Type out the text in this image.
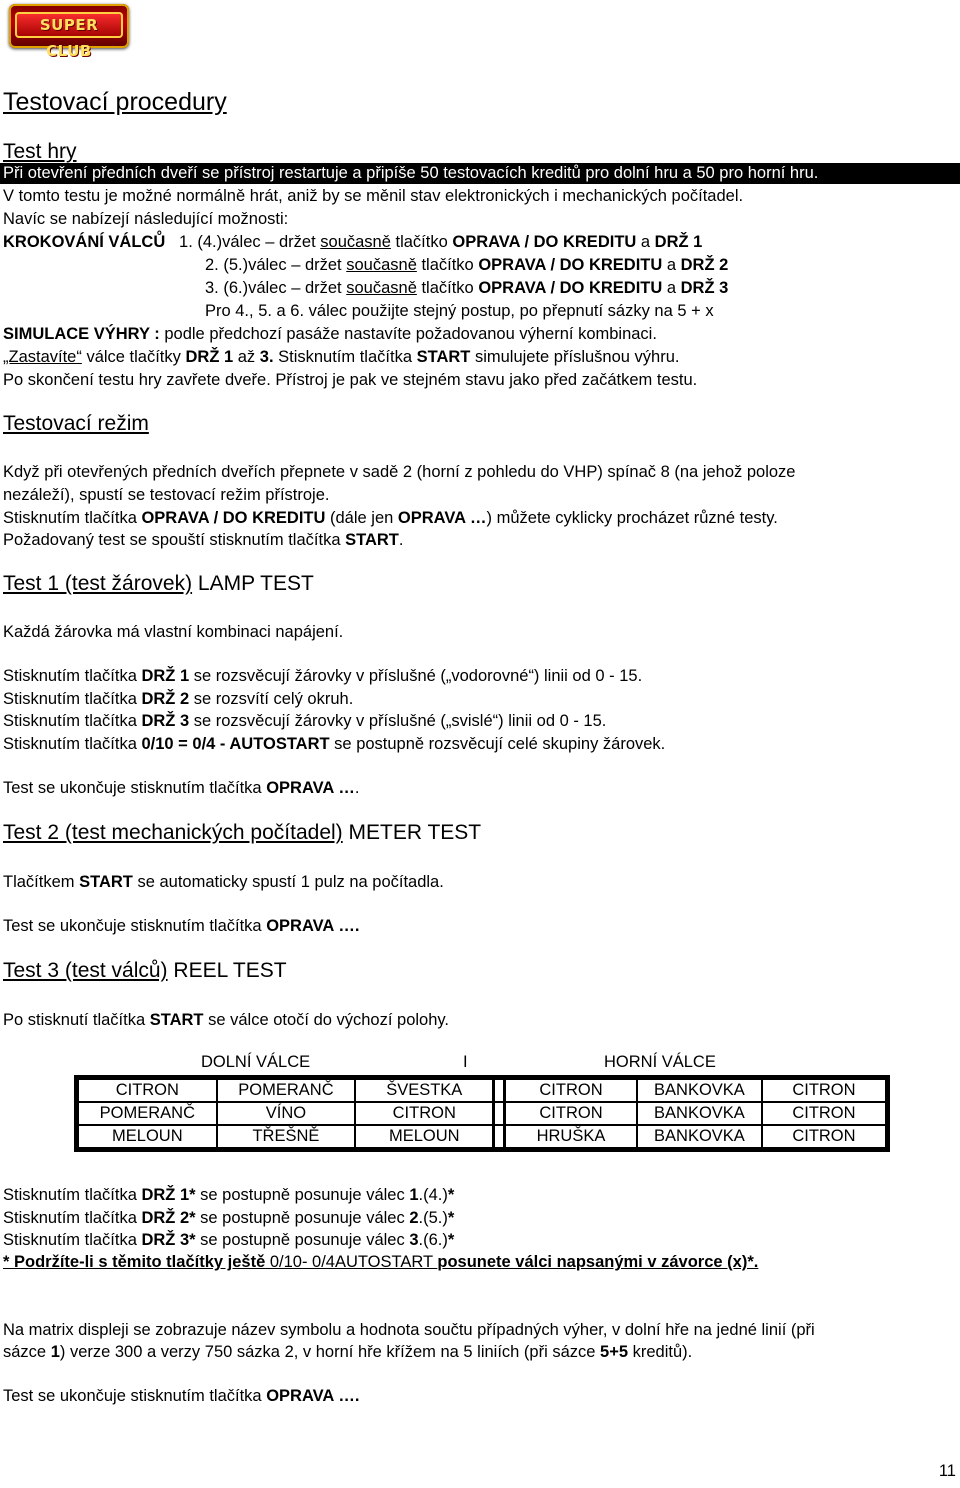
SUPER CLUB
Testovací procedury
Test hry
Při otevření předních dveří se přístroj restartuje a připíše 50 testovacích kreditů pro dolní hru a 50 pro horní hru.
V tomto testu je možné normálně hrát, aniž by se měnil stav elektronických i mechanických počítadel.
Navíc se nabízejí následující možnosti:
KROKOVÁNÍ VÁLCŮ 1. (4.)válec – držet současně tlačítko OPRAVA / DO KREDITU a DRŽ 1
2. (5.)válec – držet současně tlačítko OPRAVA / DO KREDITU a DRŽ 2
3. (6.)válec – držet současně tlačítko OPRAVA / DO KREDITU a DRŽ 3
Pro 4., 5. a 6. válec použijte stejný postup, po přepnutí sázky na 5 + x
SIMULACE VÝHRY : podle předchozí pasáže nastavíte požadovanou výherní kombinaci.
„Zastavíte“ válce tlačítky DRŽ 1 až 3. Stisknutím tlačítka START simulujete příslušnou výhru.
Po skončení testu hry zavřete dveře. Přístroj je pak ve stejném stavu jako před začátkem testu.
Testovací režim
Když při otevřených předních dveřích přepnete v sadě 2 (horní z pohledu do VHP) spínač 8 (na jehož poloze
nezáleží), spustí se testovací režim přístroje.
Stisknutím tlačítka OPRAVA / DO KREDITU (dále jen OPRAVA …) můžete cyklicky procházet různé testy.
Požadovaný test se spouští stisknutím tlačítka START.
Test 1 (test žárovek) LAMP TEST
Každá žárovka má vlastní kombinaci napájení.
Stisknutím tlačítka DRŽ 1 se rozsvěcují žárovky v příslušné („vodorovné“) linii od 0 - 15.
Stisknutím tlačítka DRŽ 2 se rozsvítí celý okruh.
Stisknutím tlačítka DRŽ 3 se rozsvěcují žárovky v příslušné („svislé“) linii od 0 - 15.
Stisknutím tlačítka 0/10 = 0/4 - AUTOSTART se postupně rozsvěcují celé skupiny žárovek.
Test se ukončuje stisknutím tlačítka OPRAVA ….
Test 2 (test mechanických počítadel) METER TEST
Tlačítkem START se automaticky spustí 1 pulz na počítadla.
Test se ukončuje stisknutím tlačítka OPRAVA ….
Test 3 (test válců) REEL TEST
Po stisknutí tlačítka START se válce otočí do výchozí polohy.
DOLNÍ VÁLCE	I	HORNÍ VÁLCE
CITRON	POMERANČ	ŠVESTKA		CITRON	BANKOVKA	CITRON
POMERANČ	VÍNO	CITRON		CITRON	BANKOVKA	CITRON
MELOUN	TŘEŠNĚ	MELOUN		HRUŠKA	BANKOVKA	CITRON
Stisknutím tlačítka DRŽ 1* se postupně posunuje válec 1.(4.)*
Stisknutím tlačítka DRŽ 2* se postupně posunuje válec 2.(5.)*
Stisknutím tlačítka DRŽ 3* se postupně posunuje válec 3.(6.)*
* Podržíte-li s těmito tlačítky ještě 0/10- 0/4AUTOSTART posunete válci napsanými v závorce (x)*.
Na matrix displeji se zobrazuje název symbolu a hodnota součtu případných výher, v dolní hře na jedné linií (při
sázce 1) verze 300 a verzy 750 sázka 2, v horní hře křížem na 5 liniích (při sázce 5+5 kreditů).
Test se ukončuje stisknutím tlačítka OPRAVA ….
11
